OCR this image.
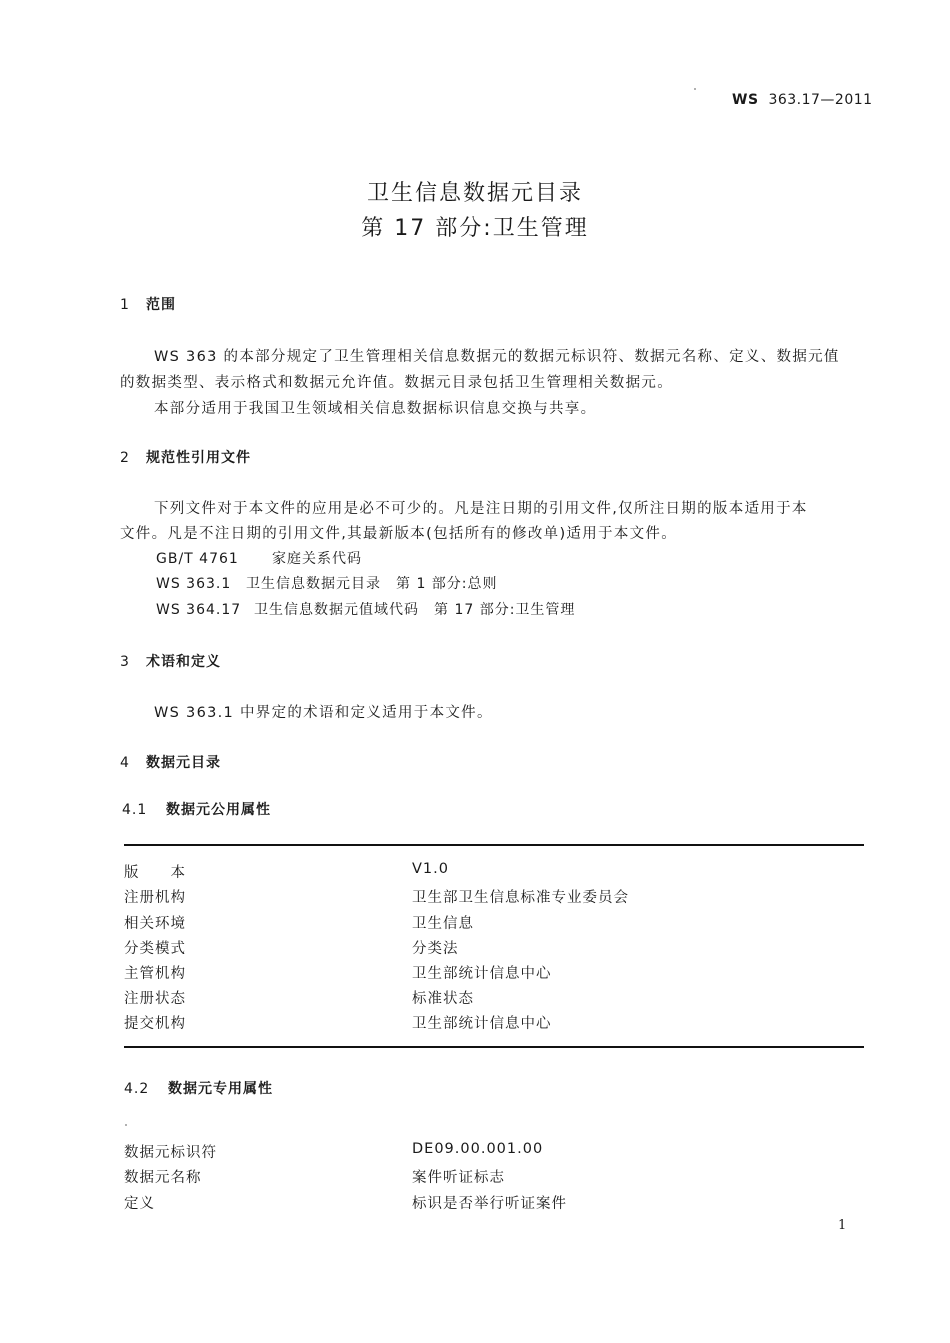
WS 363.17—2011
卫生信息数据元目录
第 17 部分:卫生管理
1 范围
WS 363 的本部分规定了卫生管理相关信息数据元的数据元标识符、数据元名称、定义、数据元值
的数据类型、表示格式和数据元允许值。数据元目录包括卫生管理相关数据元。
本部分适用于我国卫生领域相关信息数据标识信息交换与共享。
2 规范性引用文件
下列文件对于本文件的应用是必不可少的。凡是注日期的引用文件,仅所注日期的版本适用于本
文件。凡是不注日期的引用文件,其最新版本(包括所有的修改单)适用于本文件。
GB/T 4761 家庭关系代码
WS 363.1 卫生信息数据元目录　第 1 部分:总则
WS 364.17 卫生信息数据元值域代码　第 17 部分:卫生管理
3 术语和定义
WS 363.1 中界定的术语和定义适用于本文件。
4 数据元目录
4.1 数据元公用属性
版　　本	V1.0
注册机构	卫生部卫生信息标准专业委员会
相关环境	卫生信息
分类模式	分类法
主管机构	卫生部统计信息中心
注册状态	标准状态
提交机构	卫生部统计信息中心
4.2 数据元专用属性
数据元标识符	DE09.00.001.00
数据元名称	案件听证标志
定义	标识是否举行听证案件
1
